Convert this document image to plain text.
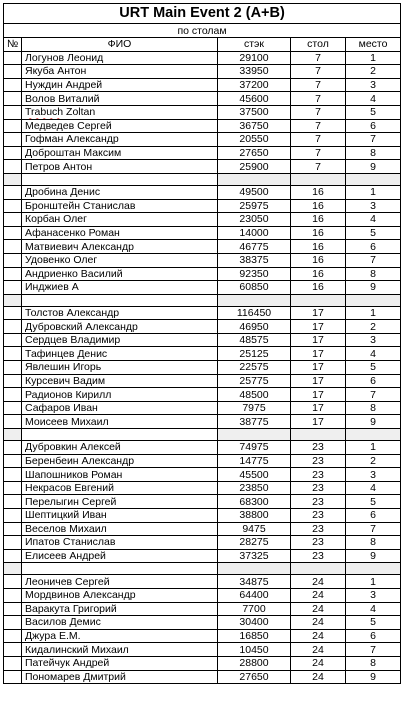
URT Main Event 2 (A+B)				
по столам				
№	ФИО	стэк	стол	место
	Логунов Леонид	29100	7	1
	Якуба Антон	33950	7	2
	Нуждин Андрей	37200	7	3
	Волов Виталий	45600	7	4
	Trabuch Zoltan	37500	7	5
	Медведев Сергей	36750	7	6
	Гофман Александр	20550	7	7
	Доброштан Максим	27650	7	8
	Петров Антон	25900	7	9

	Дробина Денис	49500	16	1
	Бронштейн Станислав	25975	16	3
	Корбан Олег	23050	16	4
	Афанасенко Роман	14000	16	5
	Матвиевич Александр	46775	16	6
	Удовенко Олег	38375	16	7
	Андриенко Василий	92350	16	8
	Инджиев А	60850	16	9

	Толстов Александр	116450	17	1
	Дубровский Александр	46950	17	2
	Сердцев Владимир	48575	17	3
	Тафинцев Денис	25125	17	4
	Явлешин Игорь	22575	17	5
	Курсевич Вадим	25775	17	6
	Радионов Кирилл	48500	17	7
	Сафаров Иван	7975	17	8
	Моисеев Михаил	38775	17	9

	Дубровкин Алексей	74975	23	1
	Беренбеин Александр	14775	23	2
	Шапошников Роман	45500	23	3
	Некрасов Евгений	23850	23	4
	Перелыгин Сергей	68300	23	5
	Шептицкий Иван	38800	23	6
	Веселов Михаил	9475	23	7
	Ипатов Станислав	28275	23	8
	Елисеев Андрей	37325	23	9

	Леоничев Сергей	34875	24	1
	Мордвинов Александр	64400	24	3
	Варакута Григорий	7700	24	4
	Васил​ов Демис	30400	24	5
	Джура Е.М.	16850	24	6
	Кидалинский Михаил	10450	24	7
	Патейчук Андрей	28800	24	8
	Пономарев Дмитрий	27650	24	9
